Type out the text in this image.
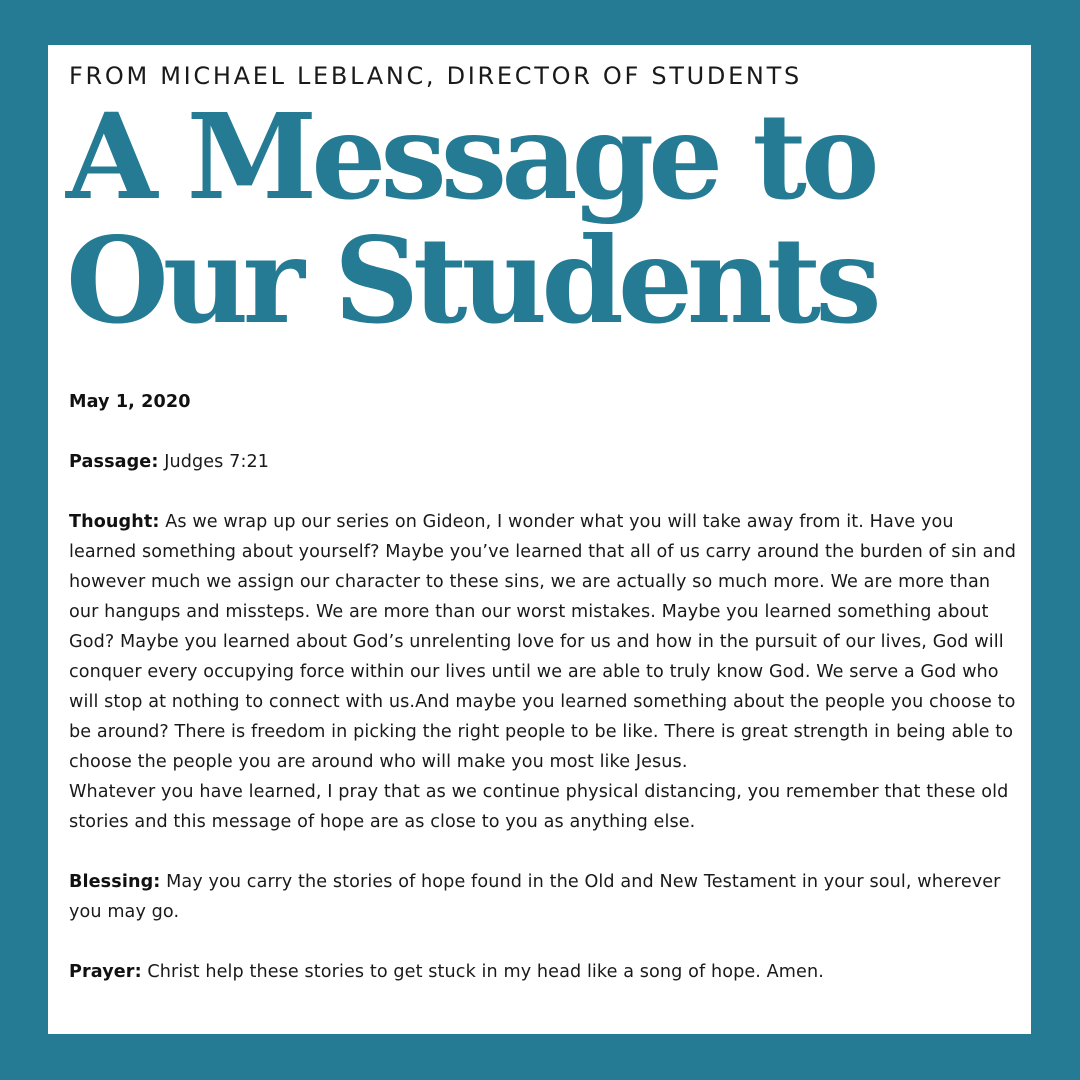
FROM MICHAEL LEBLANC, DIRECTOR OF STUDENTS
A Message to
Our Students

May 1, 2020

Passage: Judges 7:21

Thought: As we wrap up our series on Gideon, I wonder what you will take away from it. Have you learned something about yourself? Maybe you’ve learned that all of us carry around the burden of sin and however much we assign our character to these sins, we are actually so much more. We are more than our hangups and missteps. We are more than our worst mistakes. Maybe you learned something about God? Maybe you learned about God’s unrelenting love for us and how in the pursuit of our lives, God will conquer every occupying force within our lives until we are able to truly know God. We serve a God who will stop at nothing to connect with us.And maybe you learned something about the people you choose to be around? There is freedom in picking the right people to be like. There is great strength in being able to choose the people you are around who will make you most like Jesus.

Whatever you have learned, I pray that as we continue physical distancing, you remember that these old stories and this message of hope are as close to you as anything else.

Blessing: May you carry the stories of hope found in the Old and New Testament in your soul, wherever you may go.

Prayer: Christ help these stories to get stuck in my head like a song of hope. Amen.
